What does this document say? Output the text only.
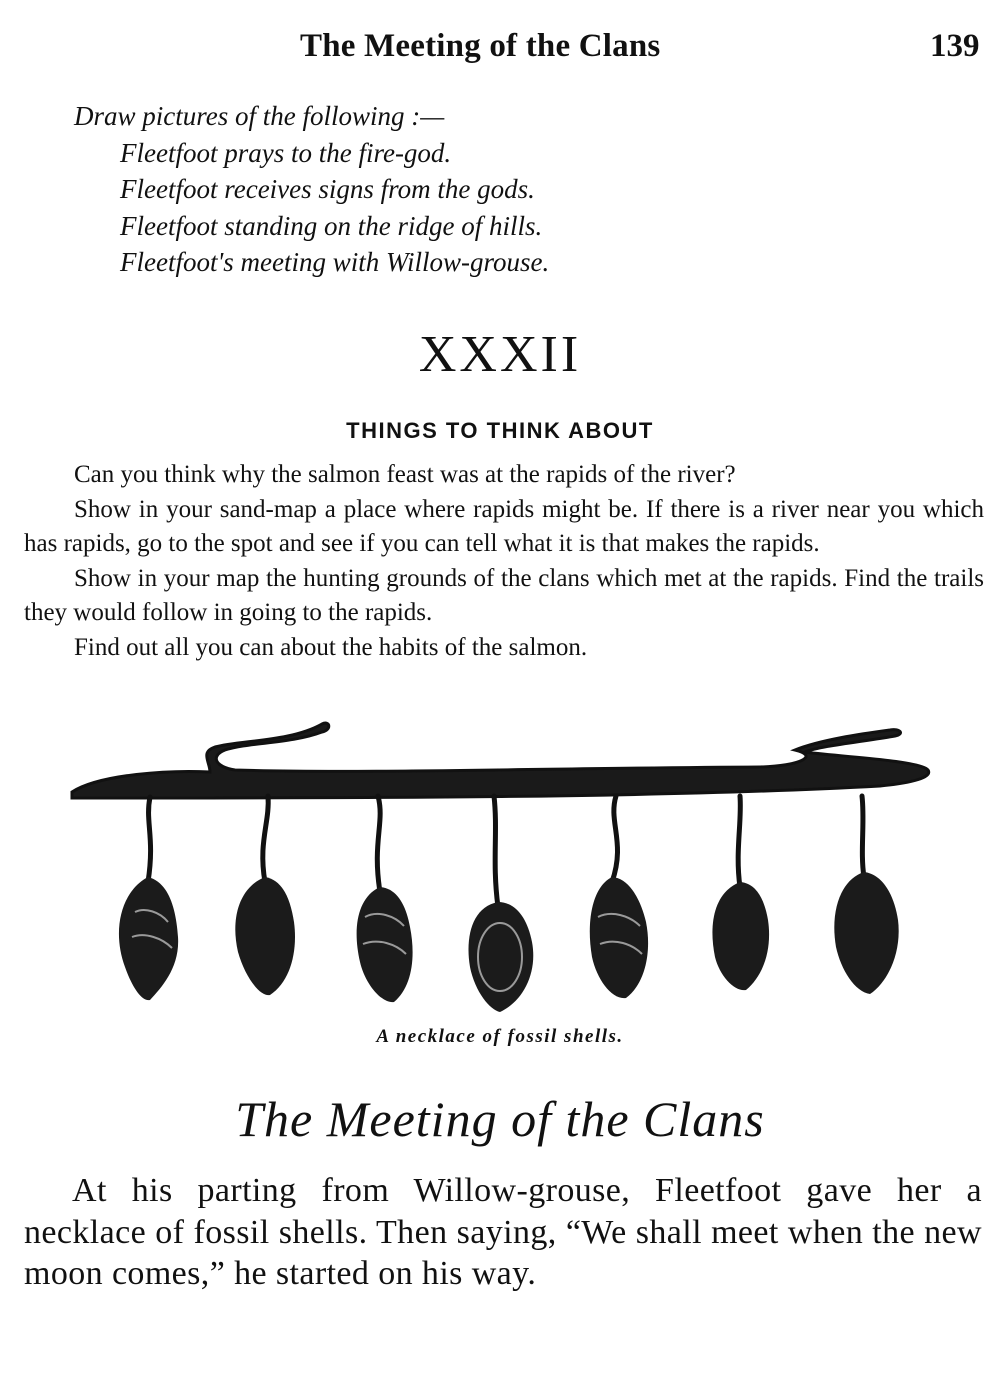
The Meeting of the Clans	139
Draw pictures of the following :—
Fleetfoot prays to the fire-god.
Fleetfoot receives signs from the gods.
Fleetfoot standing on the ridge of hills.
Fleetfoot's meeting with Willow-grouse.
XXXII
THINGS TO THINK ABOUT

Can you think why the salmon feast was at the rapids of the river?

Show in your sand-map a place where rapids might be. If there is a river near you which has rapids, go to the spot and see if you can tell what it is that makes the rapids.

Show in your map the hunting grounds of the clans which met at the rapids. Find the trails they would follow in going to the rapids.

Find out all you can about the habits of the salmon.

A necklace of fossil shells.
The Meeting of the Clans

At his parting from Willow-grouse, Fleetfoot gave her a necklace of fossil shells. Then saying, “We shall meet when the new moon comes,” he started on his way.
